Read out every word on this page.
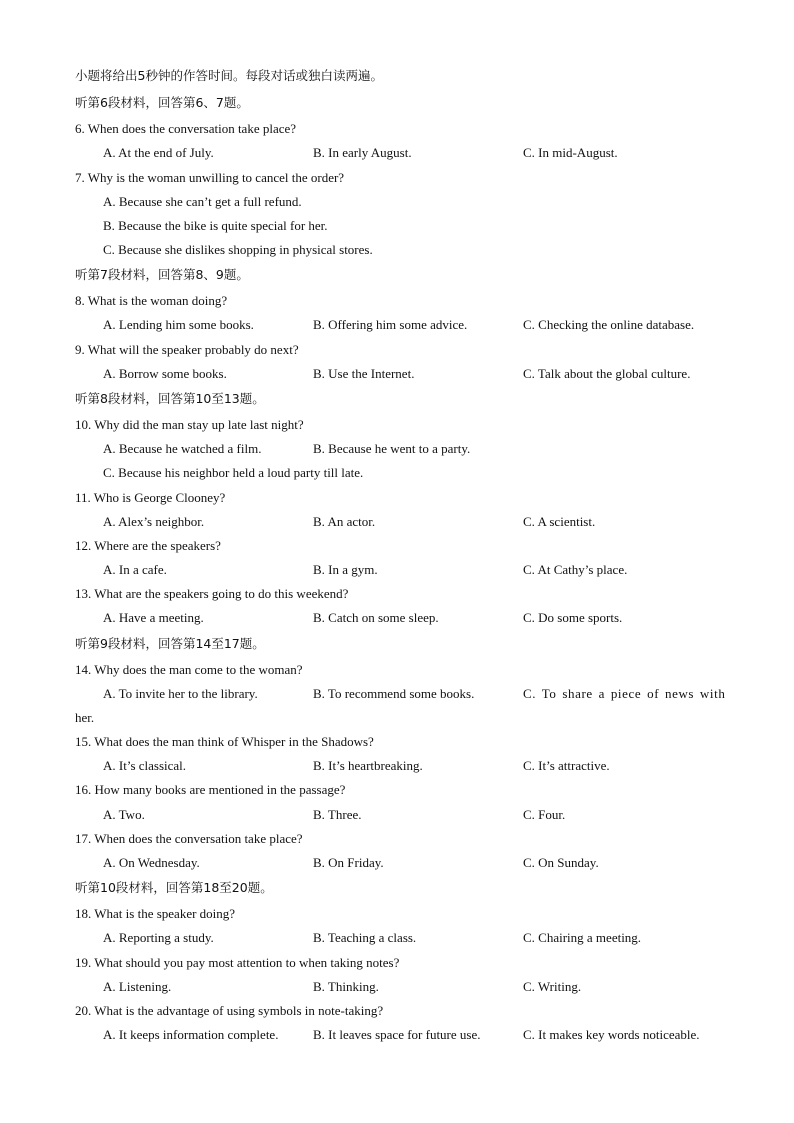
小题将给出5秒钟的作答时间。每段对话或独白读两遍。
听第6段材料，回答第6、7题。
6. When does the conversation take place?
A. At the end of July.	B. In early August.	C. In mid-August.
7. Why is the woman unwilling to cancel the order?
A. Because she can’t get a full refund.
B. Because the bike is quite special for her.
C. Because she dislikes shopping in physical stores.
听第7段材料，回答第8、9题。
8. What is the woman doing?
A. Lending him some books.	B. Offering him some advice.	C. Checking the online database.
9. What will the speaker probably do next?
A. Borrow some books.	B. Use the Internet.	C. Talk about the global culture.
听第8段材料，回答第10至13题。
10. Why did the man stay up late last night?
A. Because he watched a film.	B. Because he went to a party.
C. Because his neighbor held a loud party till late.
11. Who is George Clooney?
A. Alex’s neighbor.	B. An actor.	C. A scientist.
12. Where are the speakers?
A. In a cafe.	B. In a gym.	C. At Cathy’s place.
13. What are the speakers going to do this weekend?
A. Have a meeting.	B. Catch on some sleep.	C. Do some sports.
听第9段材料，回答第14至17题。
14. Why does the man come to the woman?
A. To invite her to the library.	B. To recommend some books.	C. To share a piece of news with
her.
15. What does the man think of Whisper in the Shadows?
A. It’s classical.	B. It’s heartbreaking.	C. It’s attractive.
16. How many books are mentioned in the passage?
A. Two.	B. Three.	C. Four.
17. When does the conversation take place?
A. On Wednesday.	B. On Friday.	C. On Sunday.
听第10段材料，回答第18至20题。
18. What is the speaker doing?
A. Reporting a study.	B. Teaching a class.	C. Chairing a meeting.
19. What should you pay most attention to when taking notes?
A. Listening.	B. Thinking.	C. Writing.
20. What is the advantage of using symbols in note-taking?
A. It keeps information complete.	B. It leaves space for future use.	C. It makes key words noticeable.
